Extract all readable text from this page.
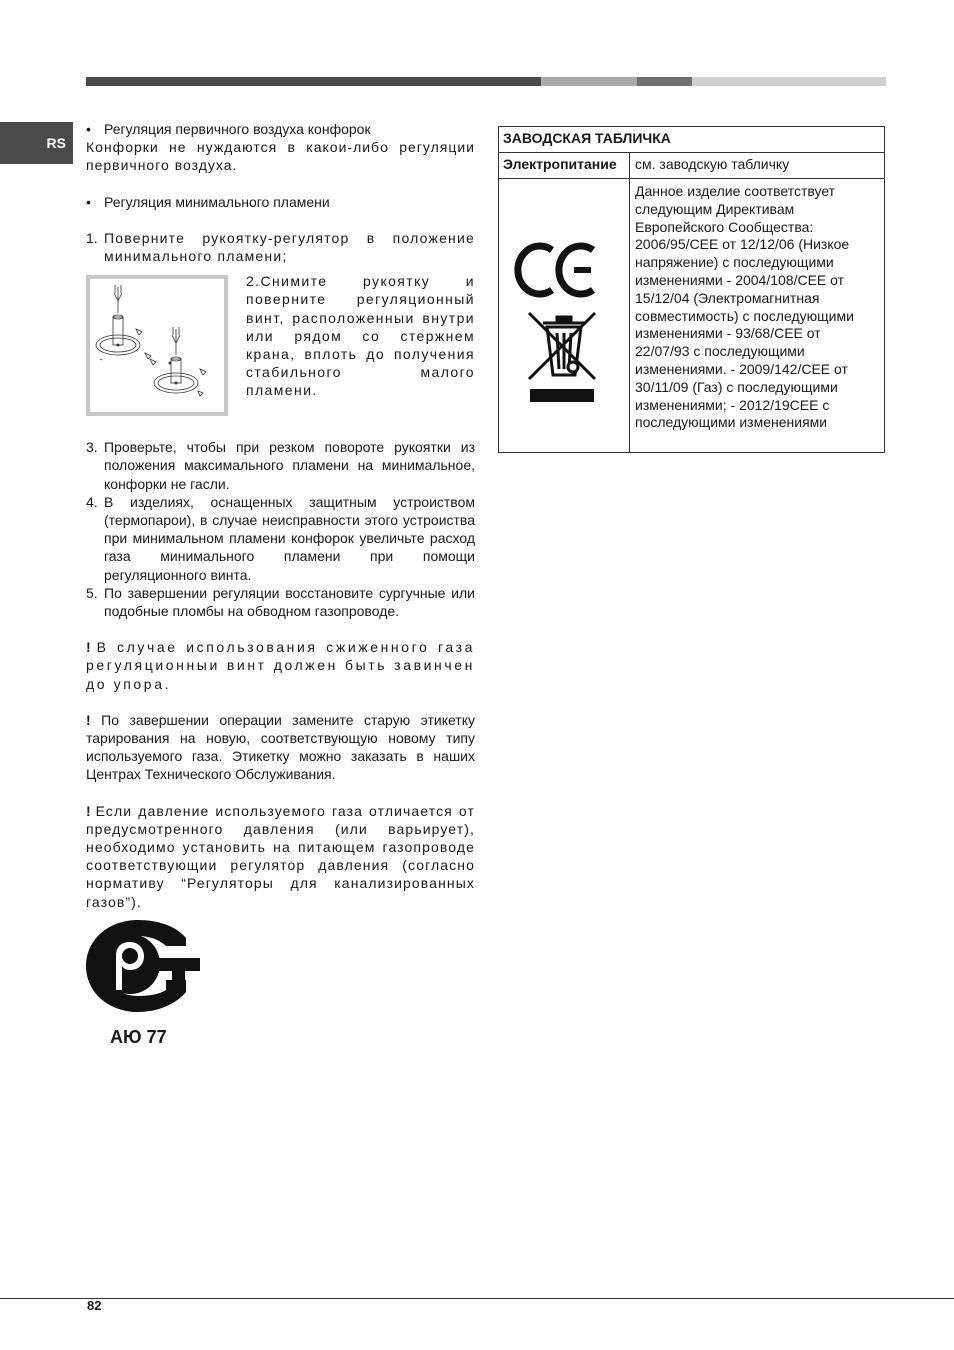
RS
• Регуляция первичного воздуха конфорок

Конфорки не нуждаются в какои-либо регуляции первичного воздуха.

• Регуляция минимального пламени
1. Поверните рукоятку-регулятор в положение минимального пламени;

2.Снимите рукоятку и поверните регуляционный винт, расположенныи внутри или рядом со стержнем крана, вплоть до получения стабильного малого пламени.

3. Проверьте, чтобы при резком повороте рукоятки из положения максимального пламени на минимальное, конфорки не гасли.
4. В изделиях, оснащенных защитным устроиством (термопарои), в случае неисправности этого устроиства при минимальном пламени конфорок увеличьте расход газа минимального пламени при помощи регуляционного винта.
5. По завершении регуляции восстановите сургучные или подобные пломбы на обводном газопроводе.

! В случае использования сжиженного газа регуляционныи винт должен быть завинчен до упора.

! По завершении операции замените старую этикетку тарирования на новую, соответствующую новому типу используемого газа. Этикетку можно заказать в наших Центрах Технического Обслуживания.

! Если давление используемого газа отличается от предусмотренного давления (или варьирует), необходимо установить на питающем газопроводе соответствующии регулятор давления (согласно нормативу “Регуляторы для канализированных газов”).

АЮ 77
ЗАВОДСКАЯ ТАБЛИЧКА	
Электропитание	см. заводскую табличку
	Данное изделие соответствует следующим Директивам Европейского Сообщества: 2006/95/CEE от 12/12/06 (Низкое напряжение) с последующими изменениями - 2004/108/CEE от 15/12/04 (Электромагнитная совместимость) с последующими изменениями - 93/68/CEE от 22/07/93 с последующими изменениями. - 2009/142/CEE от 30/11/09 (Газ) с последующими изменениями; - 2012/19CEE с последующими изменениями
82
